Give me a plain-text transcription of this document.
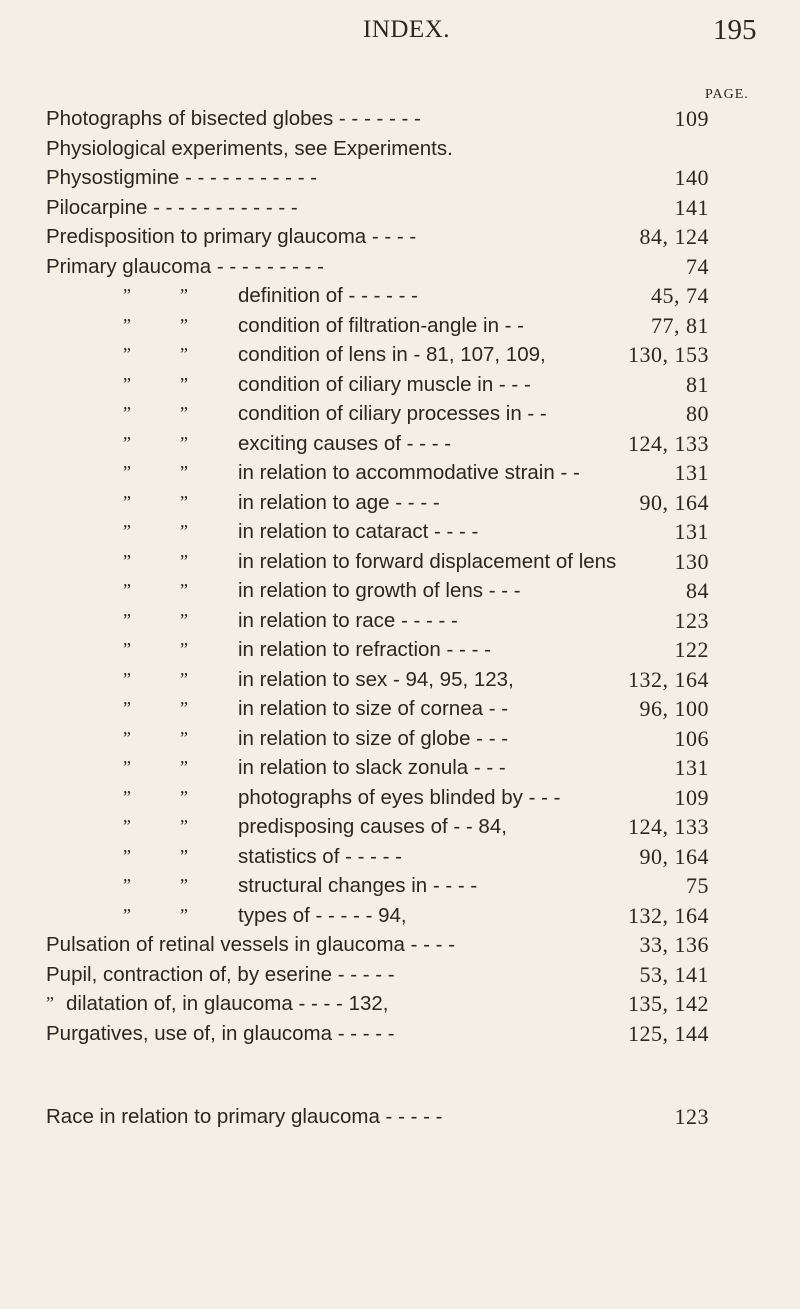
INDEX.	195
PAGE.
Photographs of bisected globes - - - - - - -	109
Physiological experiments, see Experiments.
Physostigmine - - - - - - - - - - -	140
Pilocarpine - - - - - - - - - - - -	141
Predisposition to primary glaucoma - - - -	84, 124
Primary glaucoma - - - - - - - - -	74
”	” definition of - - - - - -	45, 74
”	” condition of filtration-angle in - -	77, 81
”	” condition of lens in - 81, 107, 109,	130, 153
”	” condition of ciliary muscle in - - -	81
”	” condition of ciliary processes in - -	80
”	” exciting causes of - - - -	124, 133
”	” in relation to accommodative strain - -	131
”	” in relation to age - - - -	90, 164
”	” in relation to cataract - - - -	131
”	” in relation to forward displacement of lens	130
”	” in relation to growth of lens - - -	84
”	” in relation to race - - - - -	123
”	” in relation to refraction - - - -	122
”	” in relation to sex - 94, 95, 123,	132, 164
”	” in relation to size of cornea - -	96, 100
”	” in relation to size of globe - - -	106
”	” in relation to slack zonula - - -	131
”	” photographs of eyes blinded by - - -	109
”	” predisposing causes of - - 84,	124, 133
”	” statistics of - - - - -	90, 164
”	” structural changes in - - - -	75
”	” types of - - - - - 94,	132, 164
Pulsation of retinal vessels in glaucoma - - - -	33, 136
Pupil, contraction of, by eserine - - - - -	53, 141
” dilatation of, in glaucoma - - - - 132,	135, 142
Purgatives, use of, in glaucoma - - - - -	125, 144
Race in relation to primary glaucoma - - - - -	123
